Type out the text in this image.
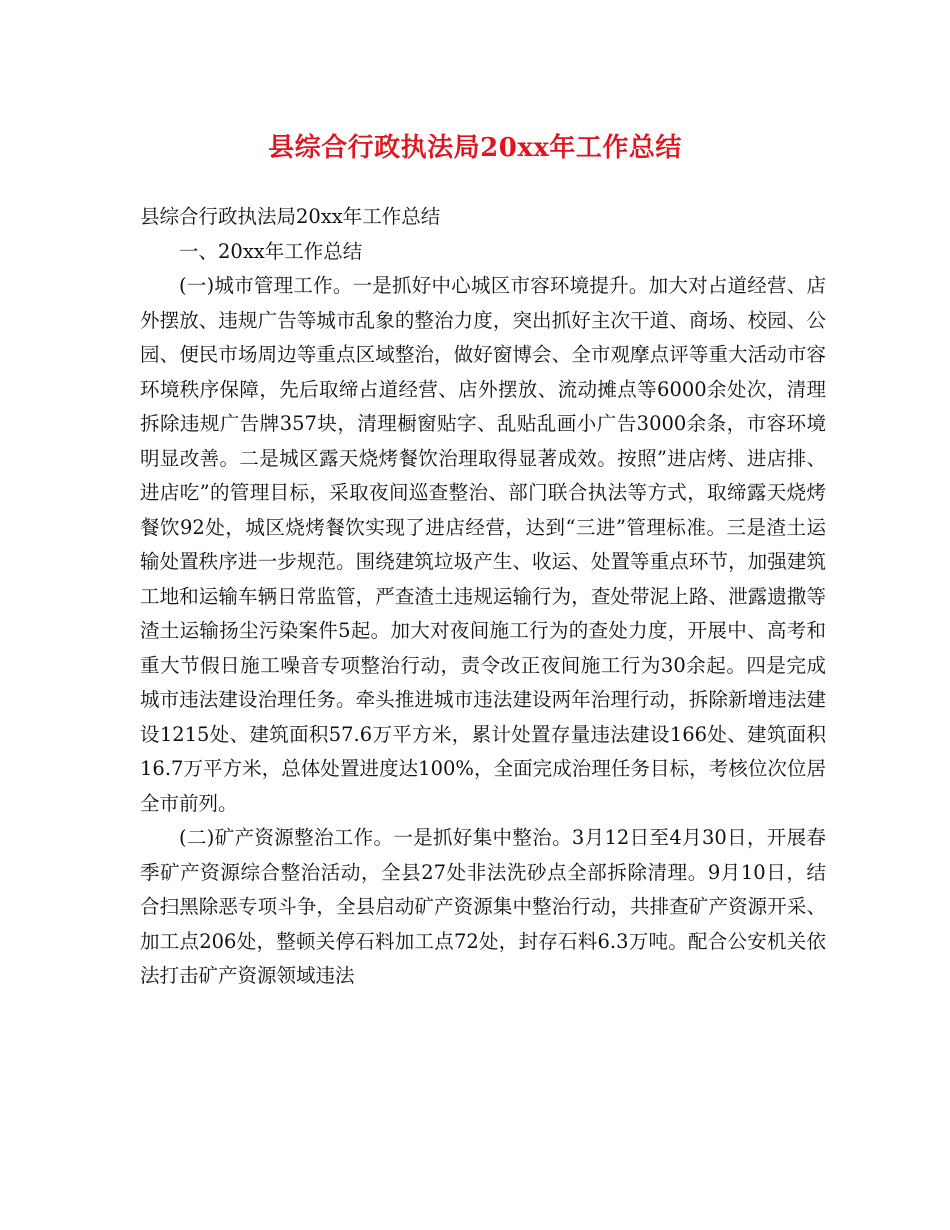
县综合行政执法局20xx年工作总结

县综合行政执法局20xx年工作总结

一、20xx年工作总结

(一)城市管理工作。一是抓好中心城区市容环境提升。加大对占道经营、店外摆放、违规广告等城市乱象的整治力度，突出抓好主次干道、商场、校园、公园、便民市场周边等重点区域整治，做好窗博会、全市观摩点评等重大活动市容环境秩序保障，先后取缔占道经营、店外摆放、流动摊点等6000余处次，清理拆除违规广告牌357块，清理橱窗贴字、乱贴乱画小广告3000余条，市容环境明显改善。二是城区露天烧烤餐饮治理取得显著成效。按照”进店烤、进店排、进店吃”的管理目标，采取夜间巡查整治、部门联合执法等方式，取缔露天烧烤餐饮92处，城区烧烤餐饮实现了进店经营，达到“三进”管理标准。三是渣土运输处置秩序进一步规范。围绕建筑垃圾产生、收运、处置等重点环节，加强建筑工地和运输车辆日常监管，严查渣土违规运输行为，查处带泥上路、泄露遗撒等渣土运输扬尘污染案件5起。加大对夜间施工行为的查处力度，开展中、高考和重大节假日施工噪音专项整治行动，责令改正夜间施工行为30余起。四是完成城市违法建设治理任务。牵头推进城市违法建设两年治理行动，拆除新增违法建设1215处、建筑面积57.6万平方米，累计处置存量违法建设166处、建筑面积16.7万平方米，总体处置进度达100%，全面完成治理任务目标，考核位次位居全市前列。

(二)矿产资源整治工作。一是抓好集中整治。3月12日至4月30日，开展春季矿产资源综合整治活动，全县27处非法洗砂点全部拆除清理。9月10日，结合扫黑除恶专项斗争，全县启动矿产资源集中整治行动，共排查矿产资源开采、加工点206处，整顿关停石料加工点72处，封存石料6.3万吨。配合公安机关依法打击矿产资源领域违法
